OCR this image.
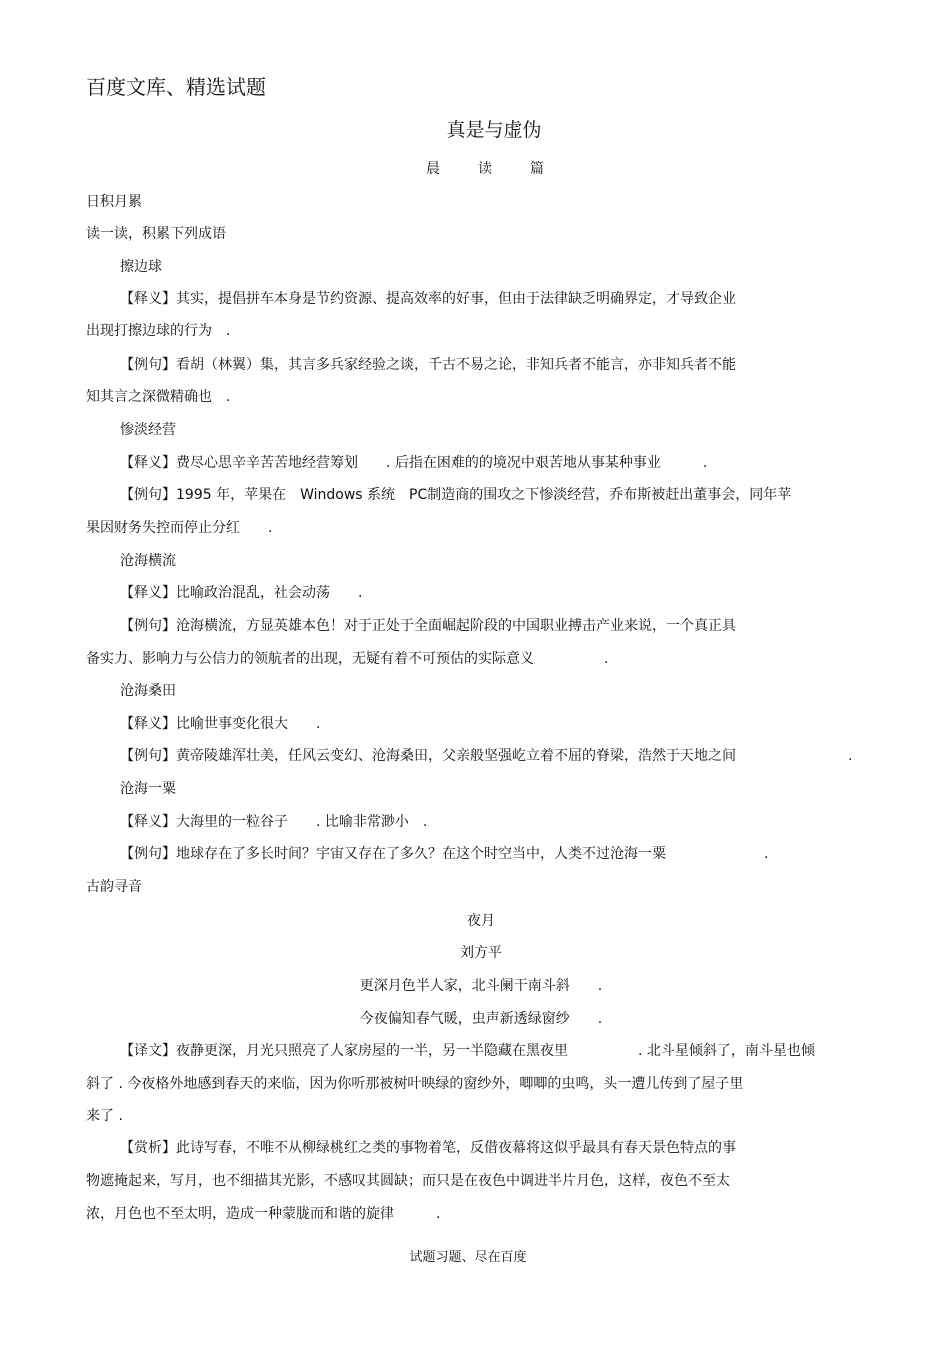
百度文库、精选试题
真是与虚伪
晨	读	篇
日积月累
读一读，积累下列成语
擦边球
【释义】其实，提倡拼车本身是节约资源、提高效率的好事，但由于法律缺乏明确界定，才导致企业
出现打擦边球的行为　.
【例句】看胡（林翼）集，其言多兵家经验之谈，千古不易之论，非知兵者不能言，亦非知兵者不能
知其言之深微精确也　.
惨淡经营
【释义】费尽心思辛辛苦苦地经营筹划　　. 后指在困难的的境况中艰苦地从事某种事业　　　.
【例句】1995 年，苹果在　Windows 系统　PC制造商的围攻之下惨淡经营，乔布斯被赶出董事会，同年苹
果因财务失控而停止分红　　.
沧海横流
【释义】比喻政治混乱，社会动荡　　.
【例句】沧海横流，方显英雄本色！对于正处于全面崛起阶段的中国职业搏击产业来说，一个真正具
备实力、影响力与公信力的领航者的出现，无疑有着不可预估的实际意义　　　　　.
沧海桑田
【释义】比喻世事变化很大　　.
【例句】黄帝陵雄浑壮美，任风云变幻、沧海桑田，父亲般坚强屹立着不屈的脊梁，浩然于天地之间　　　　　　　　.
沧海一粟
【释义】大海里的一粒谷子　　. 比喻非常渺小　.
【例句】地球存在了多长时间？宇宙又存在了多久？在这个时空当中，人类不过沧海一粟　　　　　　　.
古韵寻音
夜月
刘方平
更深月色半人家，北斗阑干南斗斜　　.
今夜偏知春气暖，虫声新透绿窗纱　　.
【译文】夜静更深，月光只照亮了人家房屋的一半，另一半隐藏在黑夜里　　　　　. 北斗星倾斜了，南斗星也倾
斜了 . 今夜格外地感到春天的来临，因为你听那被树叶映绿的窗纱外，唧唧的虫鸣，头一遭儿传到了屋子里
来了 .
【赏析】此诗写春，不唯不从柳绿桃红之类的事物着笔，反借夜幕将这似乎最具有春天景色特点的事
物遮掩起来，写月，也不细描其光影，不感叹其圆缺；而只是在夜色中调进半片月色，这样，夜色不至太
浓，月色也不至太明，造成一种蒙胧而和谐的旋律　　　.
试题习题、尽在百度
